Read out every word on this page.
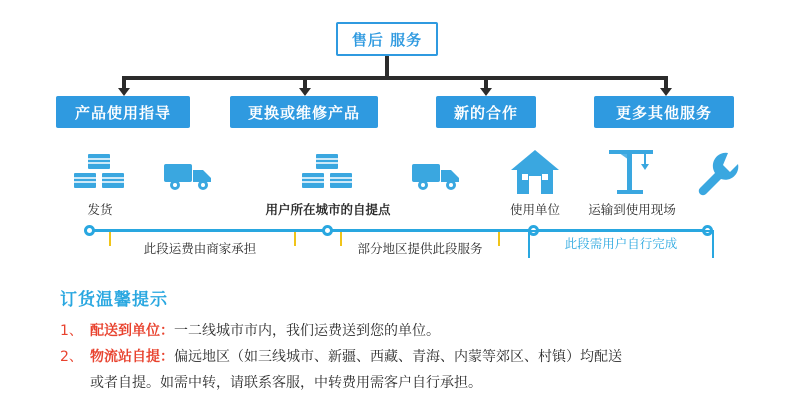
售后 服务
产品使用指导	更换或维修产品	新的合作	更多其他服务
发货	用户所在城市的自提点	使用单位 运输到使用现场
此段运费由商家承担	部分地区提供此段服务	此段需用户自行完成
订货温馨提示
1、 配送到单位： 一二线城市市内，我们运费送到您的单位。
2、 物流站自提： 偏远地区（如三线城市、新疆、西藏、青海、内蒙等郊区、村镇）均配送
或者自提。如需中转，请联系客服，中转费用需客户自行承担。
